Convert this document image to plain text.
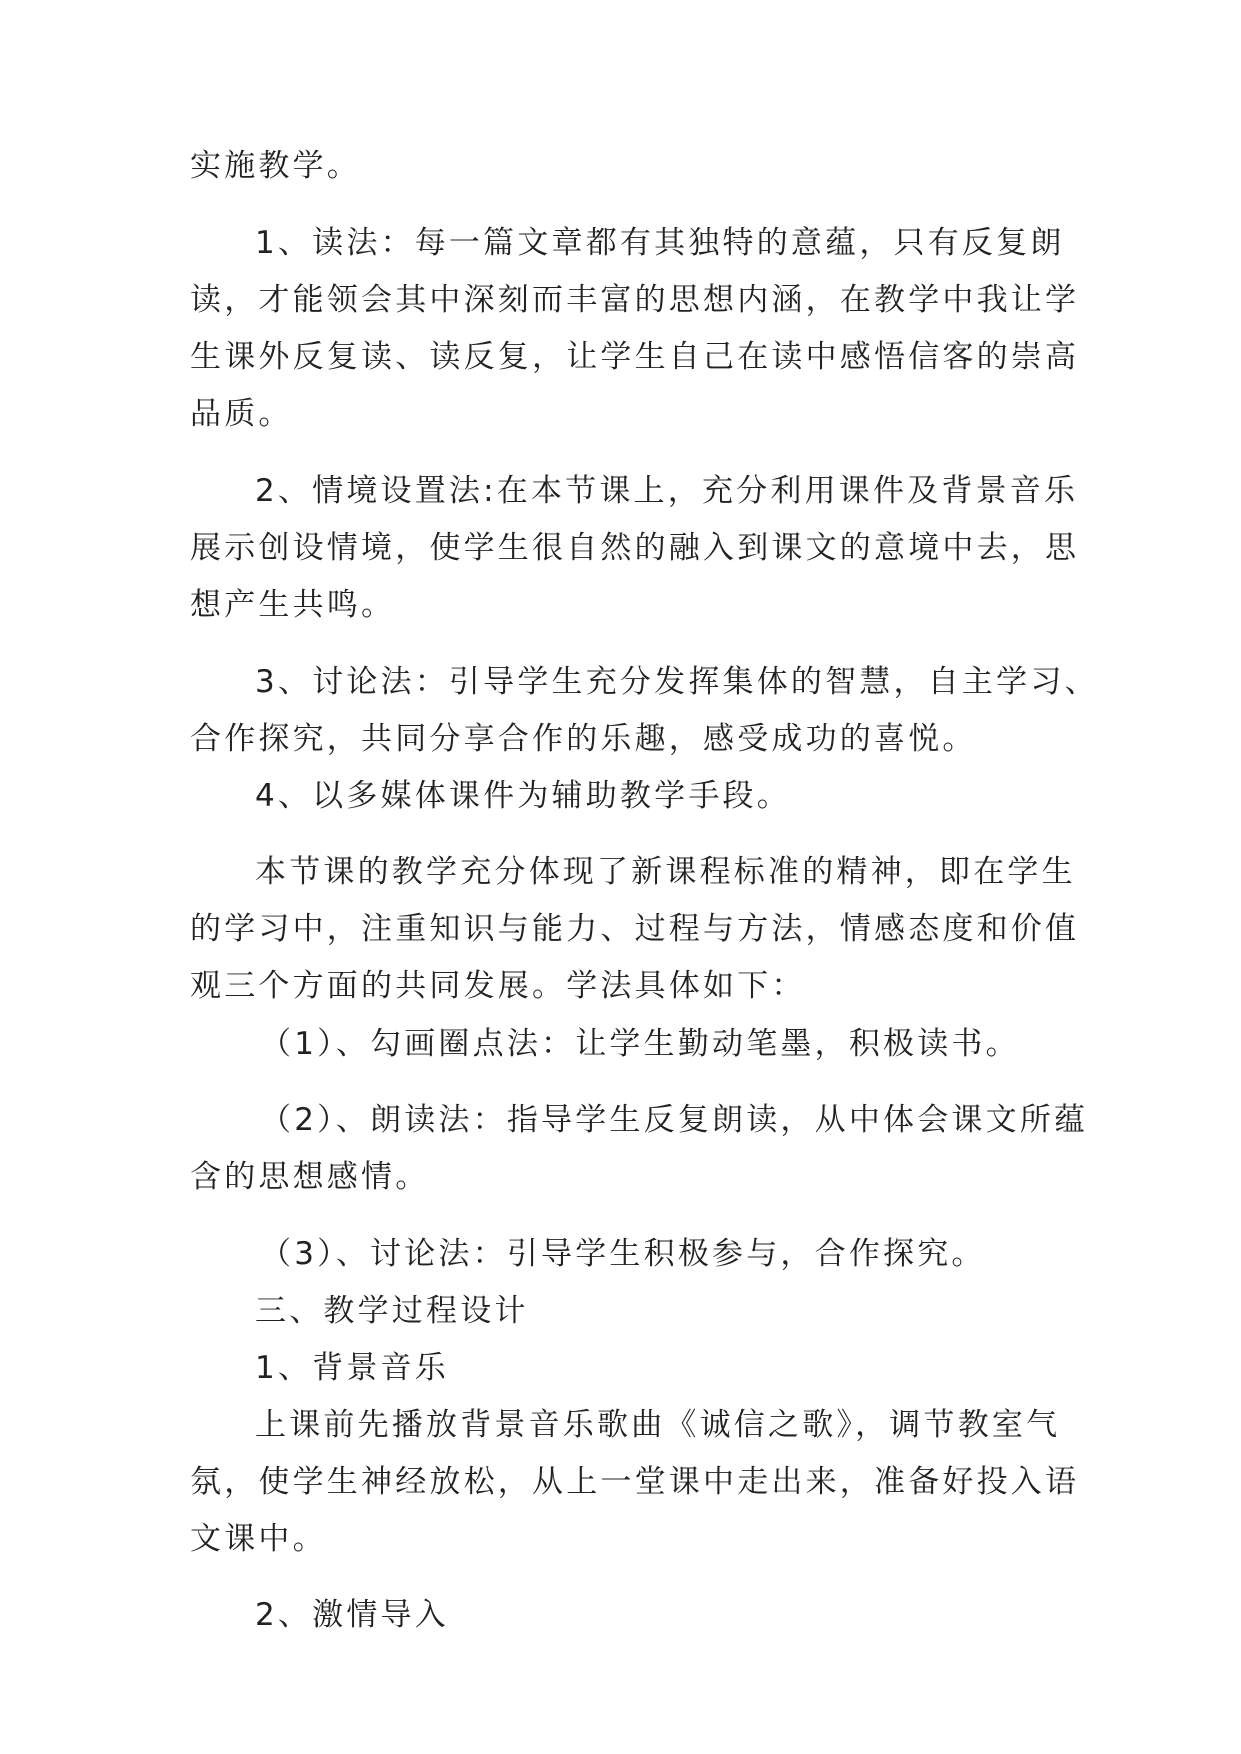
实施教学。
1、读法：每一篇文章都有其独特的意蕴，只有反复朗
读，才能领会其中深刻而丰富的思想内涵，在教学中我让学
生课外反复读、读反复，让学生自己在读中感悟信客的崇高
品质。
2、情境设置法:在本节课上，充分利用课件及背景音乐
展示创设情境，使学生很自然的融入到课文的意境中去，思
想产生共鸣。
3、讨论法：引导学生充分发挥集体的智慧，自主学习、
合作探究，共同分享合作的乐趣，感受成功的喜悦。
4、以多媒体课件为辅助教学手段。
本节课的教学充分体现了新课程标准的精神，即在学生
的学习中，注重知识与能力、过程与方法，情感态度和价值
观三个方面的共同发展。学法具体如下：
（1）、勾画圈点法：让学生勤动笔墨，积极读书。
（2）、朗读法：指导学生反复朗读，从中体会课文所蕴
含的思想感情。
（3）、讨论法：引导学生积极参与，合作探究。
三、教学过程设计
1、背景音乐
上课前先播放背景音乐歌曲《诚信之歌》，调节教室气
氛，使学生神经放松，从上一堂课中走出来，准备好投入语
文课中。
2、激情导入
